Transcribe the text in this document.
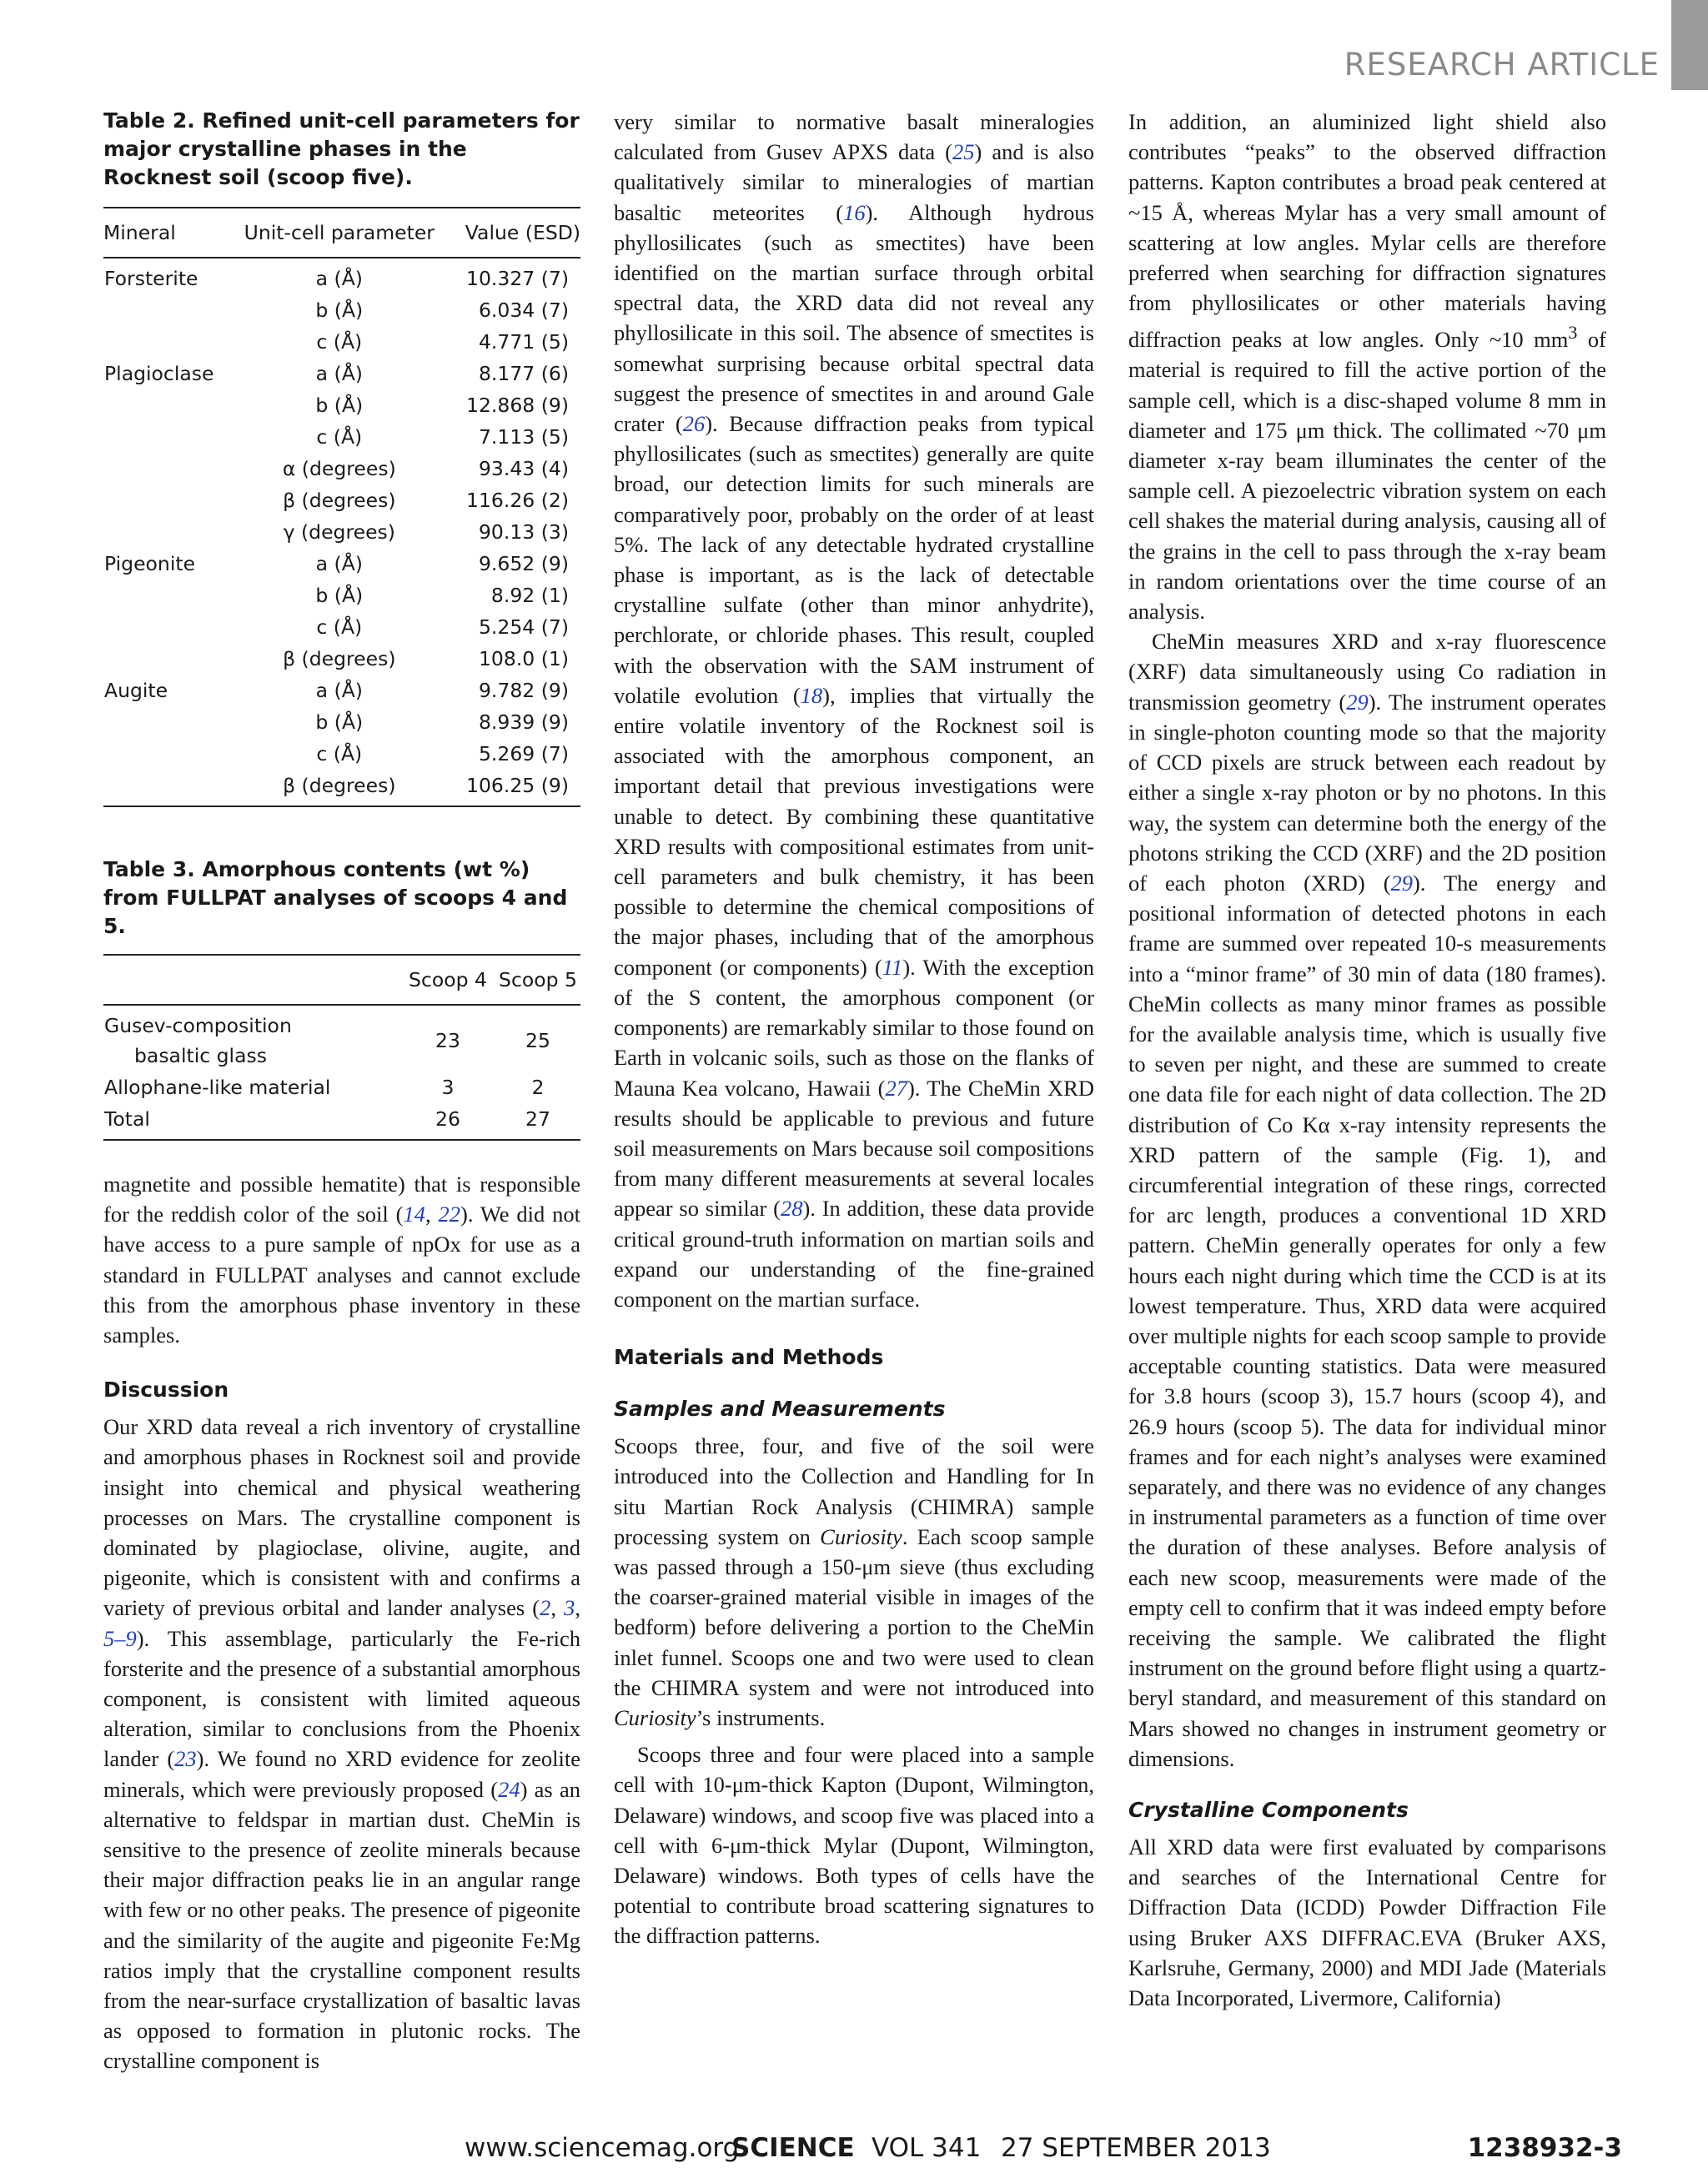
RESEARCH ARTICLE

Table 2. Refined unit-cell parameters for major crystalline phases in the Rocknest soil (scoop five).

Mineral	Unit-cell parameter	Value (ESD)
Forsterite	a (Å)	10.327 (7)
	b (Å)	6.034 (7)
	c (Å)	4.771 (5)
Plagioclase	a (Å)	8.177 (6)
	b (Å)	12.868 (9)
	c (Å)	7.113 (5)
	α (degrees)	93.43 (4)
	β (degrees)	116.26 (2)
	γ (degrees)	90.13 (3)
Pigeonite	a (Å)	9.652 (9)
	b (Å)	8.92 (1)
	c (Å)	5.254 (7)
	β (degrees)	108.0 (1)
Augite	a (Å)	9.782 (9)
	b (Å)	8.939 (9)
	c (Å)	5.269 (7)
	β (degrees)	106.25 (9)

Table 3. Amorphous contents (wt %) from FULLPAT analyses of scoops 4 and 5.

	Scoop 4	Scoop 5

Gusev-composition
basaltic glass	23	25

Allophane-like material	3	2

Total	26	27

magnetite and possible hematite) that is responsible for the reddish color of the soil (14, 22). We did not have access to a pure sample of npOx for use as a standard in FULLPAT analyses and cannot exclude this from the amorphous phase inventory in these samples.

Discussion

Our XRD data reveal a rich inventory of crystalline and amorphous phases in Rocknest soil and provide insight into chemical and physical weathering processes on Mars. The crystalline component is dominated by plagioclase, olivine, augite, and pigeonite, which is consistent with and confirms a variety of previous orbital and lander analyses (2, 3, 5–9). This assemblage, particularly the Fe-rich forsterite and the presence of a substantial amorphous component, is consistent with limited aqueous alteration, similar to conclusions from the Phoenix lander (23). We found no XRD evidence for zeolite minerals, which were previously proposed (24) as an alternative to feldspar in martian dust. CheMin is sensitive to the presence of zeolite minerals because their major diffraction peaks lie in an angular range with few or no other peaks. The presence of pigeonite and the similarity of the augite and pigeonite Fe:Mg ratios imply that the crystalline component results from the near-surface crystallization of basaltic lavas as opposed to formation in plutonic rocks. The crystalline component is

very similar to normative basalt mineralogies calculated from Gusev APXS data (25) and is also qualitatively similar to mineralogies of martian basaltic meteorites (16). Although hydrous phyllosilicates (such as smectites) have been identified on the martian surface through orbital spectral data, the XRD data did not reveal any phyllosilicate in this soil. The absence of smectites is somewhat surprising because orbital spectral data suggest the presence of smectites in and around Gale crater (26). Because diffraction peaks from typical phyllosilicates (such as smectites) generally are quite broad, our detection limits for such minerals are comparatively poor, probably on the order of at least 5%. The lack of any detectable hydrated crystalline phase is important, as is the lack of detectable crystalline sulfate (other than minor anhydrite), perchlorate, or chloride phases. This result, coupled with the observation with the SAM instrument of volatile evolution (18), implies that virtually the entire volatile inventory of the Rocknest soil is associated with the amorphous component, an important detail that previous investigations were unable to detect. By combining these quantitative XRD results with compositional estimates from unit-cell parameters and bulk chemistry, it has been possible to determine the chemical compositions of the major phases, including that of the amorphous component (or components) (11). With the exception of the S content, the amorphous component (or components) are remarkably similar to those found on Earth in volcanic soils, such as those on the flanks of Mauna Kea volcano, Hawaii (27). The CheMin XRD results should be applicable to previous and future soil measurements on Mars because soil compositions from many different measurements at several locales appear so similar (28). In addition, these data provide critical ground-truth information on martian soils and expand our understanding of the fine-grained component on the martian surface.

Materials and Methods

Samples and Measurements

Scoops three, four, and five of the soil were introduced into the Collection and Handling for In situ Martian Rock Analysis (CHIMRA) sample processing system on Curiosity. Each scoop sample was passed through a 150-μm sieve (thus excluding the coarser-grained material visible in images of the bedform) before delivering a portion to the CheMin inlet funnel. Scoops one and two were used to clean the CHIMRA system and were not introduced into Curiosity’s instruments.

Scoops three and four were placed into a sample cell with 10-μm-thick Kapton (Dupont, Wilmington, Delaware) windows, and scoop five was placed into a cell with 6-μm-thick Mylar (Dupont, Wilmington, Delaware) windows. Both types of cells have the potential to contribute broad scattering signatures to the diffraction patterns.

In addition, an aluminized light shield also contributes “peaks” to the observed diffraction patterns. Kapton contributes a broad peak centered at ~15 Å, whereas Mylar has a very small amount of scattering at low angles. Mylar cells are therefore preferred when searching for diffraction signatures from phyllosilicates or other materials having diffraction peaks at low angles. Only ~10 $mm^3$ of material is required to fill the active portion of the sample cell, which is a disc-shaped volume 8 mm in diameter and 175 μm thick. The collimated ~70 μm diameter x-ray beam illuminates the center of the sample cell. A piezoelectric vibration system on each cell shakes the material during analysis, causing all of the grains in the cell to pass through the x-ray beam in random orientations over the time course of an analysis.

CheMin measures XRD and x-ray fluorescence (XRF) data simultaneously using Co radiation in transmission geometry (29). The instrument operates in single-photon counting mode so that the majority of CCD pixels are struck between each readout by either a single x-ray photon or by no photons. In this way, the system can determine both the energy of the photons striking the CCD (XRF) and the 2D position of each photon (XRD) (29). The energy and positional information of detected photons in each frame are summed over repeated 10-s measurements into a “minor frame” of 30 min of data (180 frames). CheMin collects as many minor frames as possible for the available analysis time, which is usually five to seven per night, and these are summed to create one data file for each night of data collection. The 2D distribution of Co Kα x-ray intensity represents the XRD pattern of the sample (Fig. 1), and circumferential integration of these rings, corrected for arc length, produces a conventional 1D XRD pattern. CheMin generally operates for only a few hours each night during which time the CCD is at its lowest temperature. Thus, XRD data were acquired over multiple nights for each scoop sample to provide acceptable counting statistics. Data were measured for 3.8 hours (scoop 3), 15.7 hours (scoop 4), and 26.9 hours (scoop 5). The data for individual minor frames and for each night’s analyses were examined separately, and there was no evidence of any changes in instrumental parameters as a function of time over the duration of these analyses. Before analysis of each new scoop, measurements were made of the empty cell to confirm that it was indeed empty before receiving the sample. We calibrated the flight instrument on the ground before flight using a quartz-beryl standard, and measurement of this standard on Mars showed no changes in instrument geometry or dimensions.

Crystalline Components

All XRD data were first evaluated by comparisons and searches of the International Centre for Diffraction Data (ICDD) Powder Diffraction File using Bruker AXS DIFFRAC.EVA (Bruker AXS, Karlsruhe, Germany, 2000) and MDI Jade (Materials Data Incorporated, Livermore, California)

www.sciencemag.org
SCIENCE VOL 341 27 SEPTEMBER 2013	1238932-3
